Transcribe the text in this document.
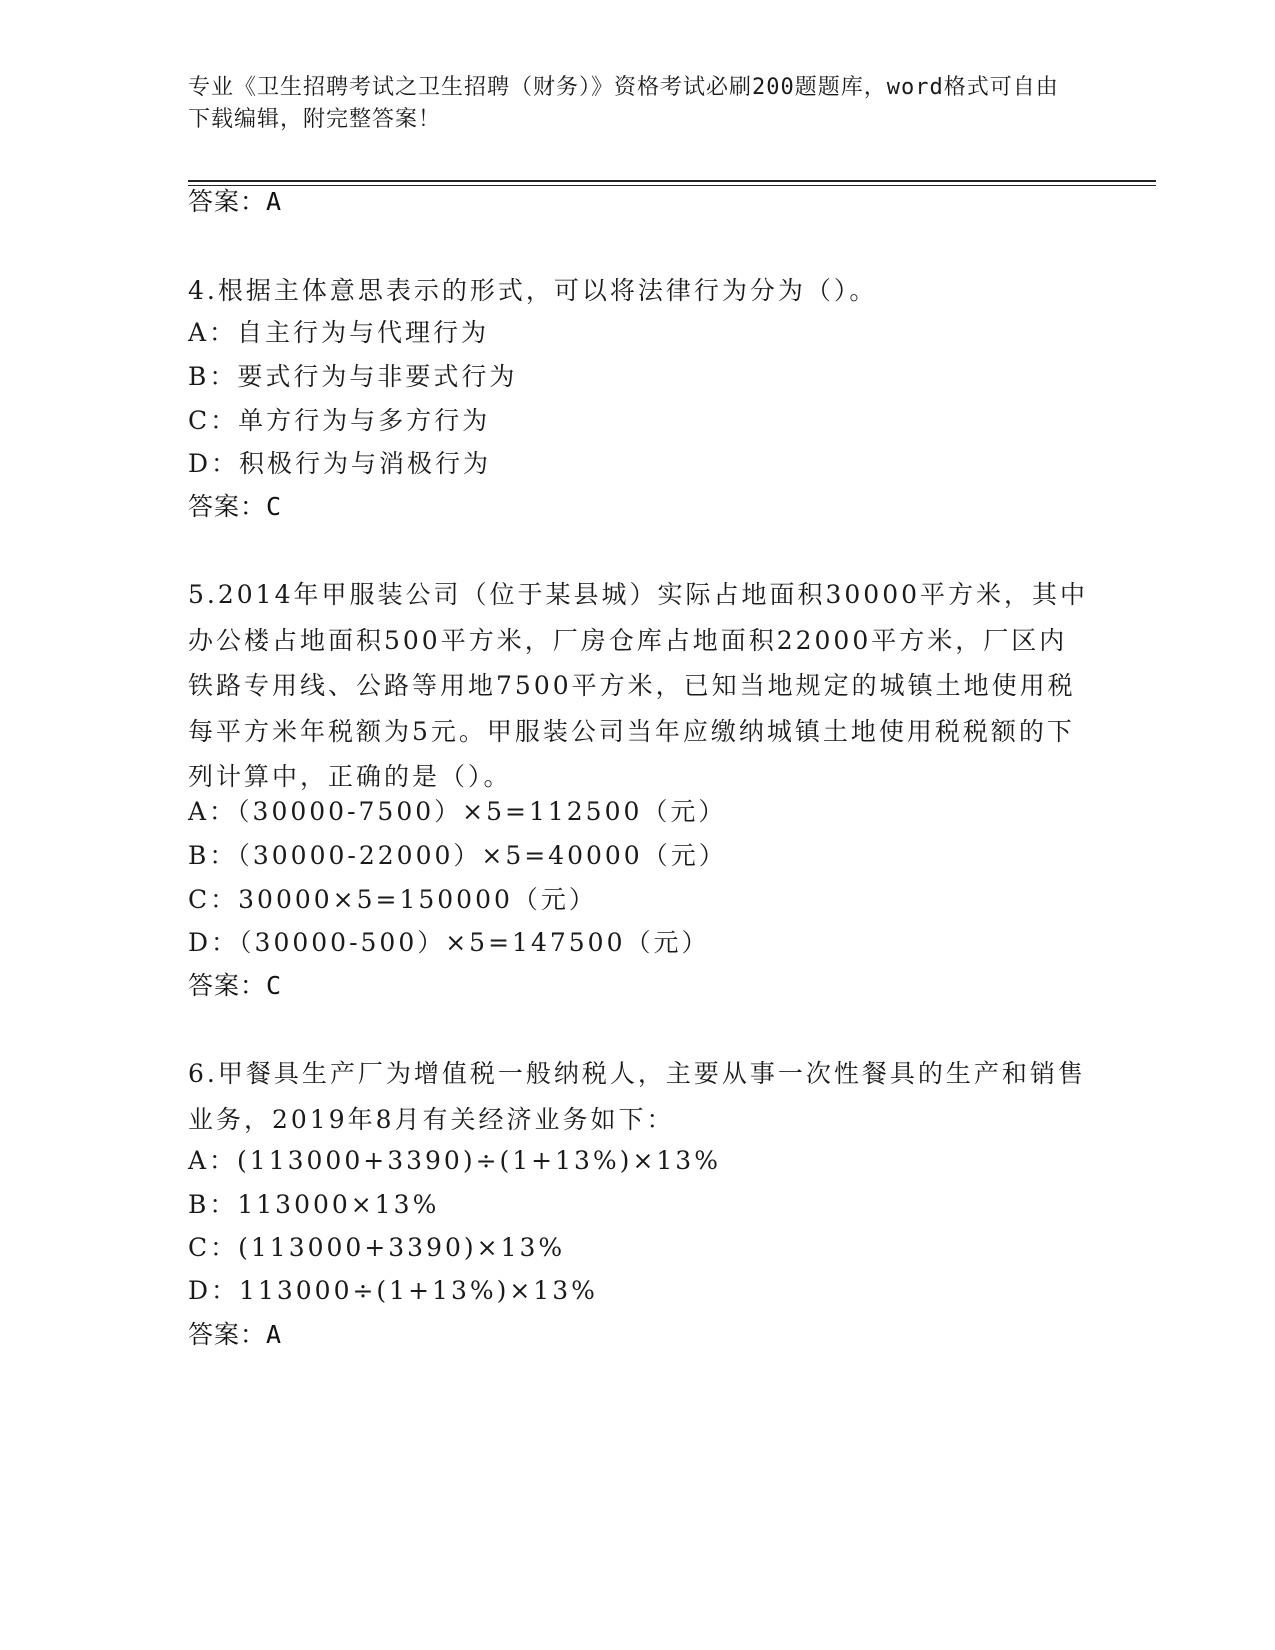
专业《卫生招聘考试之卫生招聘（财务）》资格考试必刷200题题库，word格式可自由下载编辑，附完整答案！
答案：A
4.根据主体意思表示的形式，可以将法律行为分为（）。
A：自主行为与代理行为
B：要式行为与非要式行为
C：单方行为与多方行为
D：积极行为与消极行为
答案：C
5.2014年甲服装公司（位于某县城）实际占地面积30000平方米，其中办公楼占地面积500平方米，厂房仓库占地面积22000平方米，厂区内铁路专用线、公路等用地7500平方米，已知当地规定的城镇土地使用税每平方米年税额为5元。甲服装公司当年应缴纳城镇土地使用税税额的下列计算中，正确的是（）。
A：（30000-7500）×5=112500（元）
B：（30000-22000）×5=40000（元）
C：30000×5=150000（元）
D：（30000-500）×5=147500（元）
答案：C
6.甲餐具生产厂为增值税一般纳税人，主要从事一次性餐具的生产和销售业务，2019年8月有关经济业务如下：
A：(113000+3390)÷(1+13%)×13%
B：113000×13%
C：(113000+3390)×13%
D：113000÷(1+13%)×13%
答案：A
